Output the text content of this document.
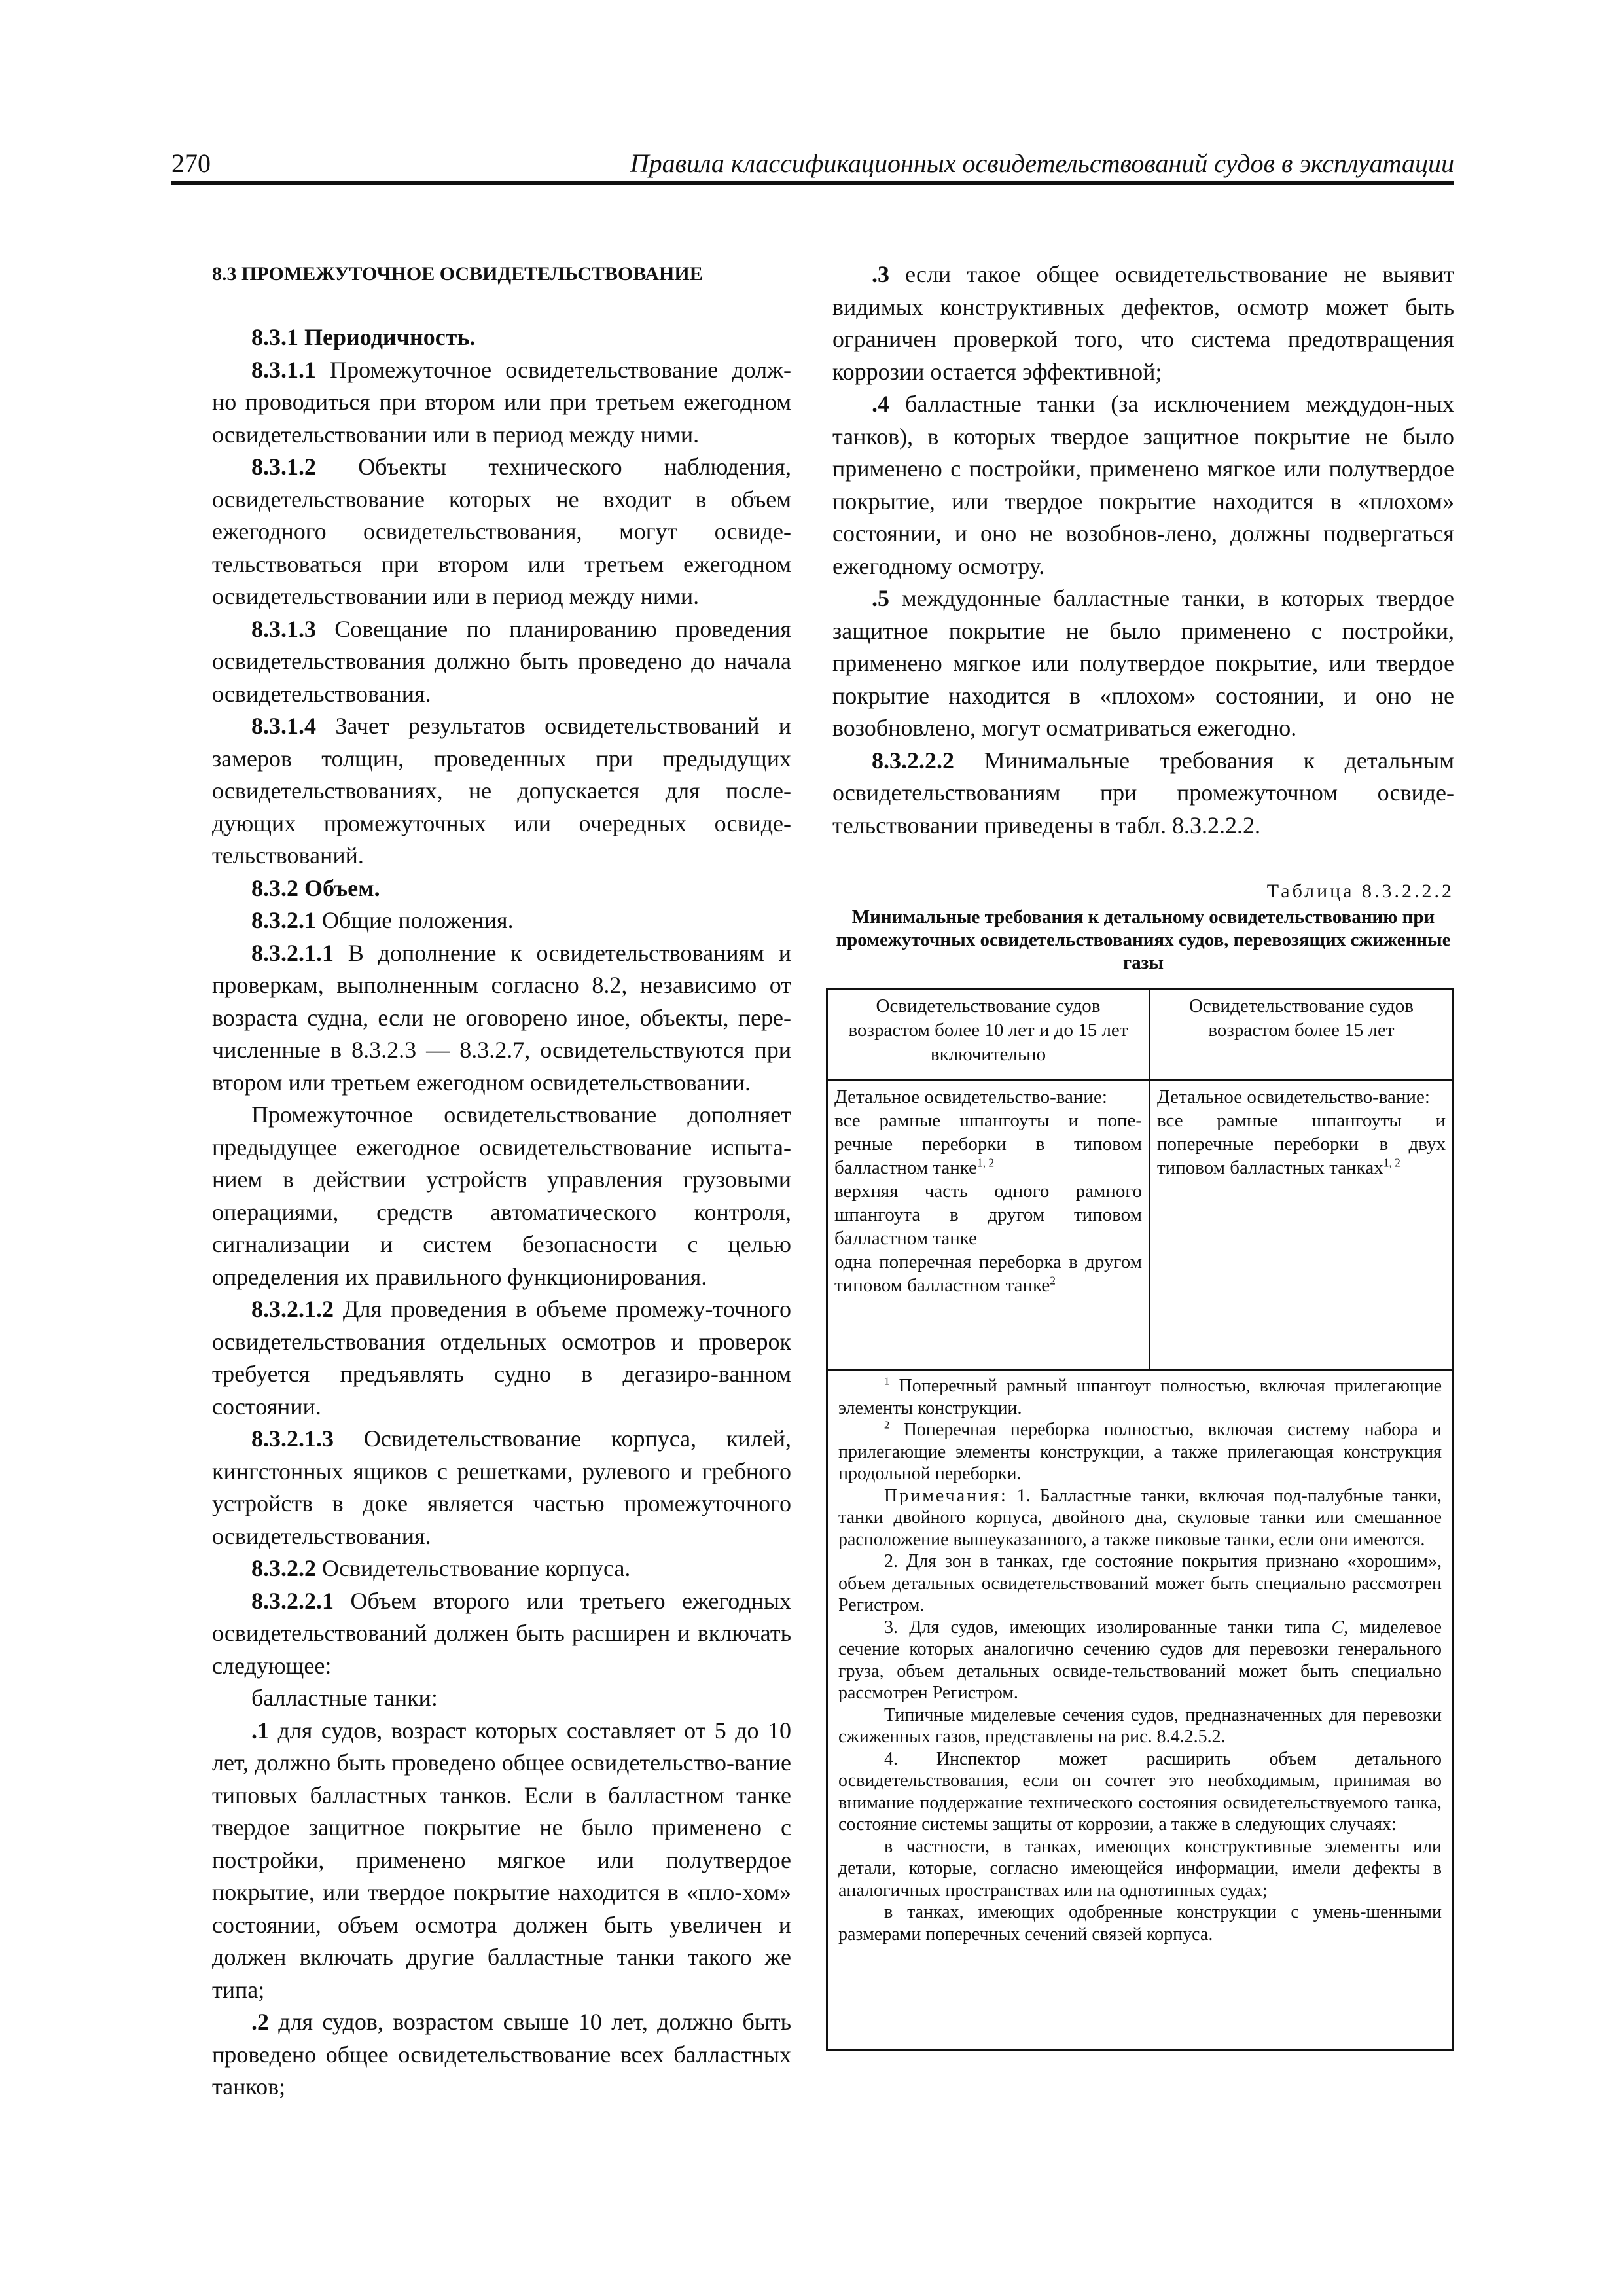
270	Правила классификационных освидетельствований судов в эксплуатации

8.3 ПРОМЕЖУТОЧНОЕ ОСВИДЕТЕЛЬСТВОВАНИЕ

8.3.1 Периодичность.

8.3.1.1 Промежуточное освидетельствование долж-но проводиться при втором или при третьем ежегодном освидетельствовании или в период между ними.

8.3.1.2 Объекты технического наблюдения, освидетельствование которых не входит в объем ежегодного освидетельствования, могут освиде-тельствоваться при втором или третьем ежегодном освидетельствовании или в период между ними.

8.3.1.3 Совещание по планированию проведения освидетельствования должно быть проведено до начала освидетельствования.

8.3.1.4 Зачет результатов освидетельствований и замеров толщин, проведенных при предыдущих освидетельствованиях, не допускается для после-дующих промежуточных или очередных освиде-тельствований.

8.3.2 Объем.

8.3.2.1 Общие положения.

8.3.2.1.1 В дополнение к освидетельствованиям и проверкам, выполненным согласно 8.2, независимо от возраста судна, если не оговорено иное, объекты, пере-численные в 8.3.2.3 — 8.3.2.7, освидетельствуются при втором или третьем ежегодном освидетельствовании.

Промежуточное освидетельствование дополняет предыдущее ежегодное освидетельствование испыта-нием в действии устройств управления грузовыми операциями, средств автоматического контроля, сигнализации и систем безопасности с целью определения их правильного функционирования.

8.3.2.1.2 Для проведения в объеме промежу-точного освидетельствования отдельных осмотров и проверок требуется предъявлять судно в дегазиро-ванном состоянии.

8.3.2.1.3 Освидетельствование корпуса, килей, кингстонных ящиков с решетками, рулевого и гребного устройств в доке является частью промежуточного освидетельствования.

8.3.2.2 Освидетельствование корпуса.

8.3.2.2.1 Объем второго или третьего ежегодных освидетельствований должен быть расширен и включать следующее:

балластные танки:

.1 для судов, возраст которых составляет от 5 до 10 лет, должно быть проведено общее освидетельство-вание типовых балластных танков. Если в балластном танке твердое защитное покрытие не было применено с постройки, применено мягкое или полутвердое покрытие, или твердое покрытие находится в «пло-хом» состоянии, объем осмотра должен быть увеличен и должен включать другие балластные танки такого же типа;

.2 для судов, возрастом свыше 10 лет, должно быть проведено общее освидетельствование всех балластных танков;

.3 если такое общее освидетельствование не выявит видимых конструктивных дефектов, осмотр может быть ограничен проверкой того, что система предотвращения коррозии остается эффективной;

.4 балластные танки (за исключением междудон-ных танков), в которых твердое защитное покрытие не было применено с постройки, применено мягкое или полутвердое покрытие, или твердое покрытие находится в «плохом» состоянии, и оно не возобнов-лено, должны подвергаться ежегодному осмотру.

.5 междудонные балластные танки, в которых твердое защитное покрытие не было применено с постройки, применено мягкое или полутвердое покрытие, или твердое покрытие находится в «плохом» состоянии, и оно не возобновлено, могут осматриваться ежегодно.

8.3.2.2.2 Минимальные требования к детальным освидетельствованиям при промежуточном освиде-тельствовании приведены в табл. 8.3.2.2.2.

Таблица 8.3.2.2.2
Минимальные требования к детальному освидетельствованию при промежуточных освидетельствованиях судов, перевозящих сжиженные газы
Освидетельствование судов возрастом более 10 лет и до 15 лет включительно
Освидетельствование судов возрастом более 15 лет

Детальное освидетельство-вание:

все рамные шпангоуты и попе-речные переборки в типовом балластном танке$^{1, 2}$

верхняя часть одного рамного шпангоута в другом типовом балластном танке

одна поперечная переборка в другом типовом балластном танке$^2$

Детальное освидетельство-вание:

все рамные шпангоуты и поперечные переборки в двух типовом балластных танках$^{1, 2}$

$^1$ Поперечный рамный шпангоут полностью, включая прилегающие элементы конструкции.

$^2$ Поперечная переборка полностью, включая систему набора и прилегающие элементы конструкции, а также прилегающая конструкция продольной переборки.

Примечания: 1. Балластные танки, включая под-палубные танки, танки двойного корпуса, двойного дна, скуловые танки или смешанное расположение вышеуказанного, а также пиковые танки, если они имеются.

2. Для зон в танках, где состояние покрытия признано «хорошим», объем детальных освидетельствований может быть специально рассмотрен Регистром.

3. Для судов, имеющих изолированные танки типа С, миделевое сечение которых аналогично сечению судов для перевозки генерального груза, объем детальных освиде-тельствований может быть специально рассмотрен Регистром.

Типичные миделевые сечения судов, предназначенных для перевозки сжиженных газов, представлены на рис. 8.4.2.5.2.

4. Инспектор может расширить объем детального освидетельствования, если он сочтет это необходимым, принимая во внимание поддержание технического состояния освидетельствуемого танка, состояние системы защиты от коррозии, а также в следующих случаях:

в частности, в танках, имеющих конструктивные элементы или детали, которые, согласно имеющейся информации, имели дефекты в аналогичных пространствах или на однотипных судах;

в танках, имеющих одобренные конструкции с умень-шенными размерами поперечных сечений связей корпуса.
